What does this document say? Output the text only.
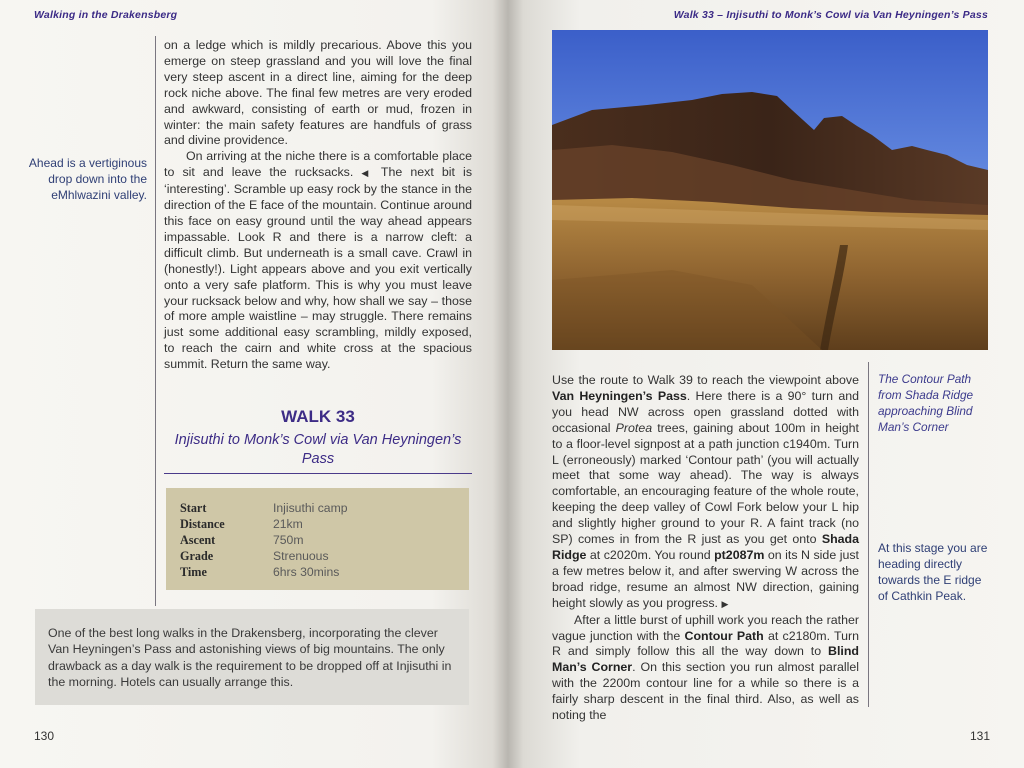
Walking in the Drakensberg
Ahead is a vertiginous drop down into the eMhlwazini valley.

on a ledge which is mildly precarious. Above this you emerge on steep grassland and you will love the final very steep ascent in a direct line, aiming for the deep rock niche above. The final few metres are very eroded and awkward, consisting of earth or mud, frozen in winter: the main safety features are handfuls of grass and divine providence.

On arriving at the niche there is a comfortable place to sit and leave the rucksacks. ◀ The next bit is ‘interesting’. Scramble up easy rock by the stance in the direction of the E face of the mountain. Continue around this face on easy ground until the way ahead appears impassable. Look R and there is a narrow cleft: a difficult climb. But underneath is a small cave. Crawl in (honestly!). Light appears above and you exit vertically onto a very safe platform. This is why you must leave your rucksack below and why, how shall we say – those of more ample waistline – may struggle. There remains just some additional easy scrambling, mildly exposed, to reach the cairn and white cross at the spacious summit. Return the same way.

WALK 33
Injisuthi to Monk’s Cowl via Van Heyningen’s Pass
Start	Injisuthi camp
Distance	21km
Ascent	750m
Grade	Strenuous
Time	6hrs 30mins
One of the best long walks in the Drakensberg, incorporating the clever Van Heyningen’s Pass and astonishing views of big mountains. The only drawback as a day walk is the requirement to be dropped off at Injisuthi in the morning. Hotels can usually arrange this.
130
Walk 33 – Injisuthi to Monk’s Cowl via Van Heyningen’s Pass
The Contour Path from Shada Ridge approaching Blind Man’s Corner
At this stage you are heading directly towards the E ridge of Cathkin Peak.

Use the route to Walk 39 to reach the viewpoint above Van Heyningen’s Pass. Here there is a 90° turn and you head NW across open grassland dotted with occasional Protea trees, gaining about 100m in height to a floor-level signpost at a path junction c1940m. Turn L (erroneously) marked ‘Contour path’ (you will actually meet that some way ahead). The way is always comfortable, an encouraging feature of the whole route, keeping the deep valley of Cowl Fork below your L hip and slightly higher ground to your R. A faint track (no SP) comes in from the R just as you get onto Shada Ridge at c2020m. You round pt2087m on its N side just a few metres below it, and after swerving W across the broad ridge, resume an almost NW direction, gaining height slowly as you progress. ▶

After a little burst of uphill work you reach the rather vague junction with the Contour Path at c2180m. Turn R and simply follow this all the way down to Blind Man’s Corner. On this section you run almost parallel with the 2200m contour line for a while so there is a fairly sharp descent in the final third. Also, as well as noting the

131
